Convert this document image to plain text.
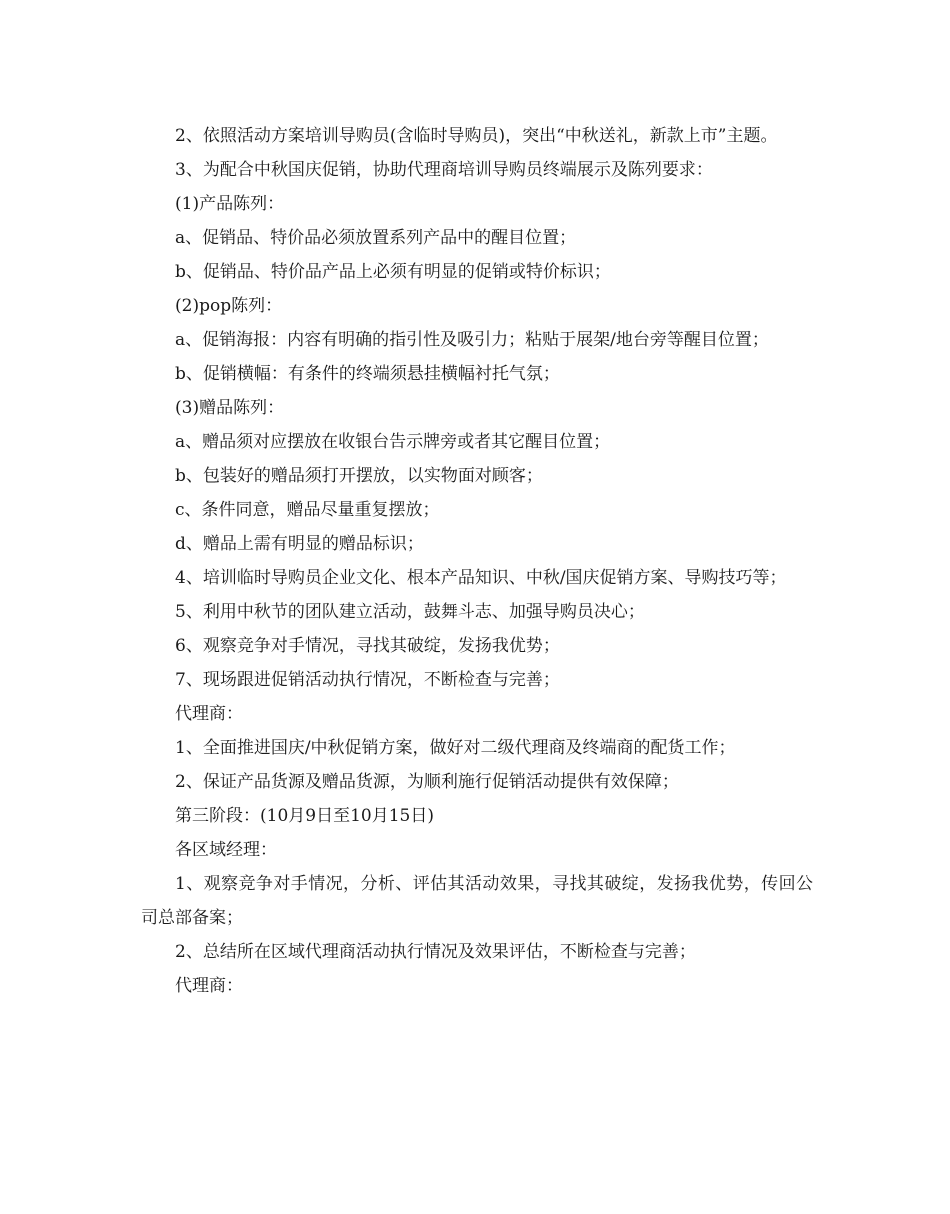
2、依照活动方案培训导购员(含临时导购员)，突出“中秋送礼，新款上市”主题。

3、为配合中秋国庆促销，协助代理商培训导购员终端展示及陈列要求：

(1)产品陈列：

a、促销品、特价品必须放置系列产品中的醒目位置；

b、促销品、特价品产品上必须有明显的促销或特价标识；

(2)pop陈列：

a、促销海报：内容有明确的指引性及吸引力；粘贴于展架/地台旁等醒目位置；

b、促销横幅：有条件的终端须悬挂横幅衬托气氛；

(3)赠品陈列：

a、赠品须对应摆放在收银台告示牌旁或者其它醒目位置；

b、包装好的赠品须打开摆放，以实物面对顾客；

c、条件同意，赠品尽量重复摆放；

d、赠品上需有明显的赠品标识；

4、培训临时导购员企业文化、根本产品知识、中秋/国庆促销方案、导购技巧等；

5、利用中秋节的团队建立活动，鼓舞斗志、加强导购员决心；

6、观察竞争对手情况，寻找其破绽，发扬我优势；

7、现场跟进促销活动执行情况，不断检查与完善；

代理商：

1、全面推进国庆/中秋促销方案，做好对二级代理商及终端商的配货工作；

2、保证产品货源及赠品货源，为顺利施行促销活动提供有效保障；

第三阶段：(10月9日至10月15日)

各区域经理：

1、观察竞争对手情况，分析、评估其活动效果，寻找其破绽，发扬我优势，传回公司总部备案；

2、总结所在区域代理商活动执行情况及效果评估，不断检查与完善；

代理商：
